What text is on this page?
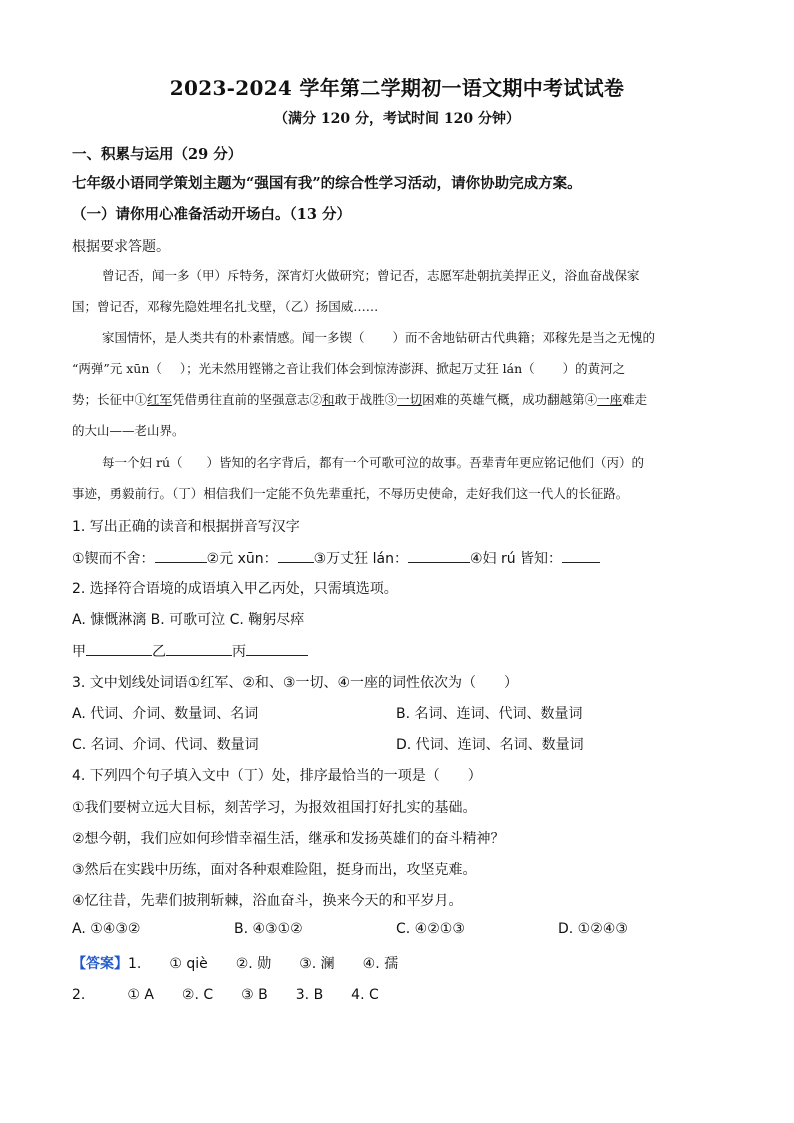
2023-2024 学年第二学期初一语文期中考试试卷
（满分 120 分，考试时间 120 分钟）
一、积累与运用（29 分）
七年级小语同学策划主题为“强国有我”的综合性学习活动，请你协助完成方案。
（一）请你用心准备活动开场白。（13 分）
根据要求答题。
曾记否，闻一多（甲）斥特务，深宵灯火做研究；曾记否，志愿军赴朝抗美捍正义，浴血奋战保家
国；曾记否，邓稼先隐姓埋名扎戈壁，（乙）扬国威……
家国情怀，是人类共有的朴素情感。闻一多锲（ ）而不舍地钻研古代典籍；邓稼先是当之无愧的
“两弹”元 xūn（ ）；光未然用铿锵之音让我们体会到惊涛澎湃、掀起万丈狂 lán（ ）的黄河之
势；长征中①红军凭借勇往直前的坚强意志②和敢于战胜③一切困难的英雄气概，成功翻越第④一座难走
的大山——老山界。
每一个妇 rú（ ）皆知的名字背后，都有一个可歌可泣的故事。吾辈青年更应铭记他们（丙）的
事迹，勇毅前行。（丁）相信我们一定能不负先辈重托，不辱历史使命，走好我们这一代人的长征路。
1. 写出正确的读音和根据拼音写汉字
①锲而不舍：	②元 xūn：	③万丈狂 lán：	④妇 rú 皆知：
2. 选择符合语境的成语填入甲乙丙处，只需填选项。
A. 慷慨淋漓 B. 可歌可泣 C. 鞠躬尽瘁
甲	乙	丙
3. 文中划线处词语①红军、②和、③一切、④一座的词性依次为（　　）
A. 代词、介词、数量词、名词	B. 名词、连词、代词、数量词
C. 名词、介词、代词、数量词	D. 代词、连词、名词、数量词
4. 下列四个句子填入文中（丁）处，排序最恰当的一项是（　　）
①我们要树立远大目标，刻苦学习，为报效祖国打好扎实的基础。
②想今朝，我们应如何珍惜幸福生活，继承和发扬英雄们的奋斗精神？
③然后在实践中历练，面对各种艰难险阻，挺身而出，攻坚克难。
④忆往昔，先辈们披荆斩棘，浴血奋斗，换来今天的和平岁月。
A. ①④③②	B. ④③①②	C. ④②①③	D. ①②④③
【答案】1.　　① qiè　　②. 勋　　③. 澜　　④. 孺
2.　　　① A　　②. C　　③ B　　3. B　　4. C
